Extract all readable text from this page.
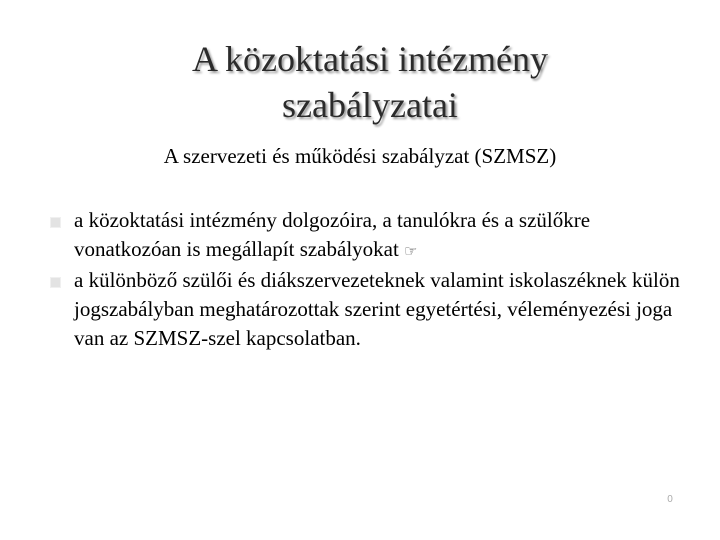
A közoktatási intézmény
szabályzatai

A szervezeti és működési szabályzat (SZMSZ)

a közoktatási intézmény dolgozóira, a tanulókra és a szülőkre vonatkozóan is megállapít szabályokat ☞
a különböző szülői és diákszervezeteknek valamint iskolaszéknek külön jogszabályban meghatározottak szerint egyetértési, véleményezési joga van az SZMSZ-szel kapcsolatban.
0
